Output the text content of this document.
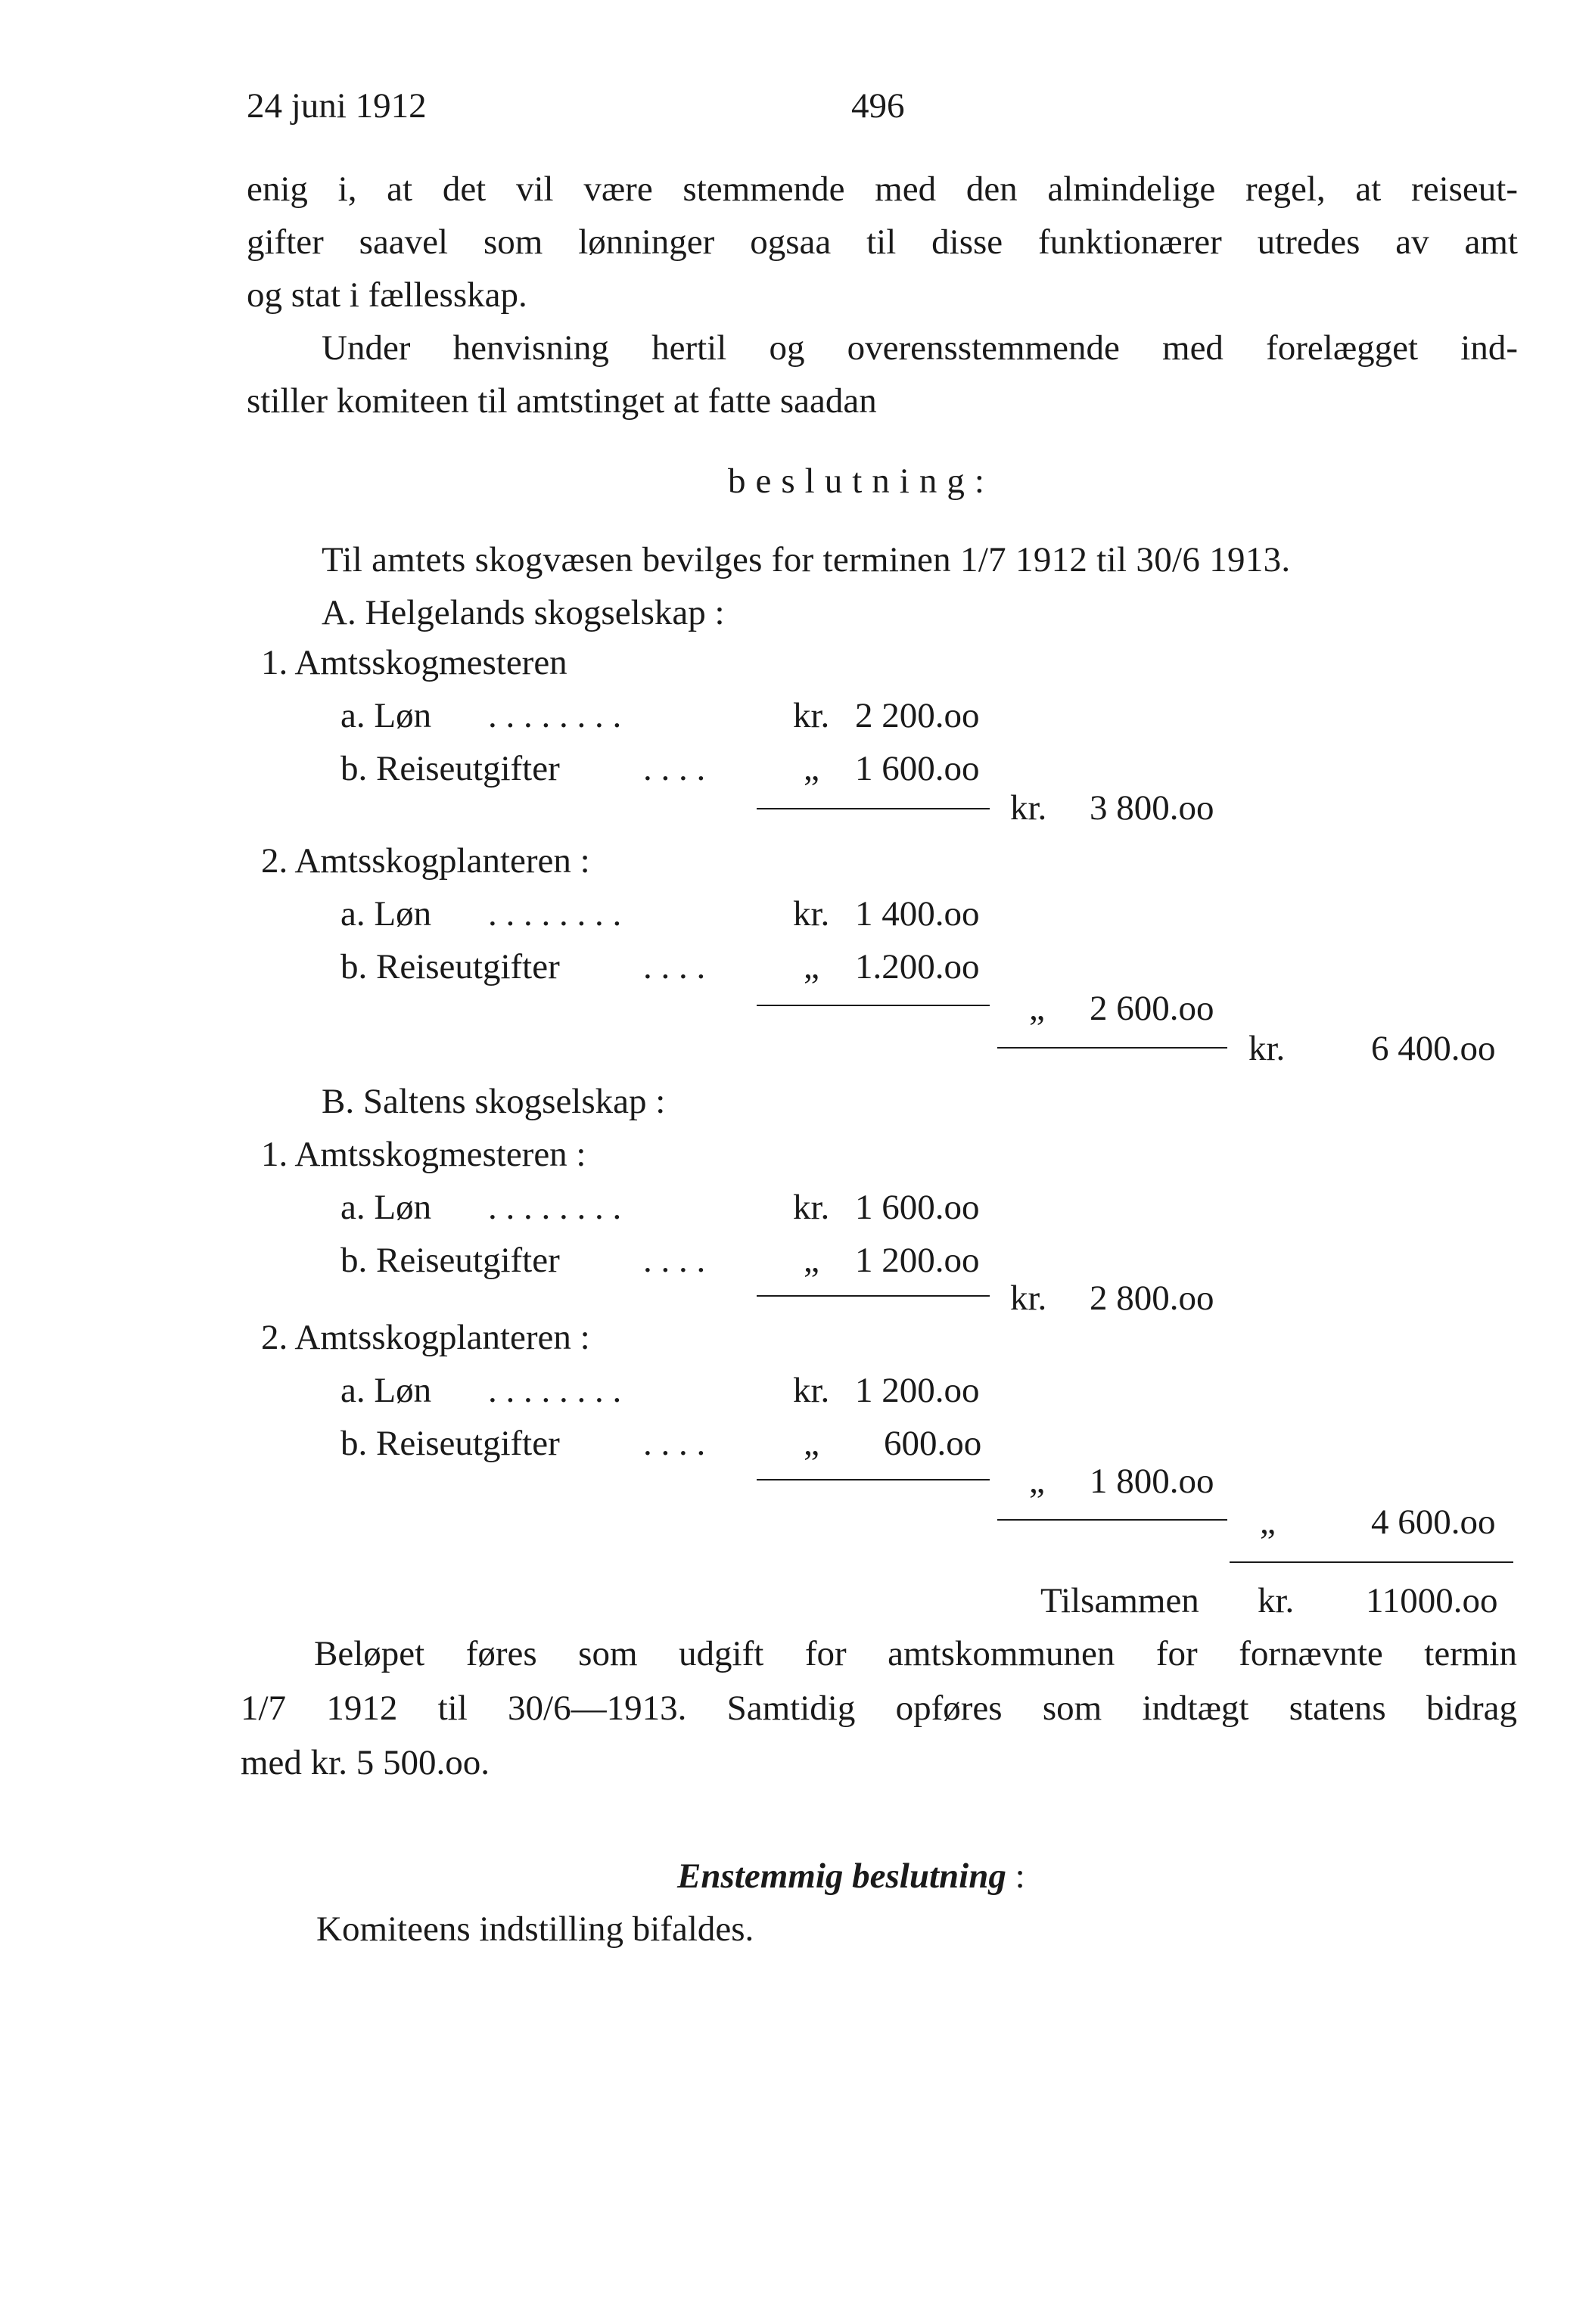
24 juni 1912	496
enig i, at det vil være stemmende med den almindelige regel, at reiseut-
gifter saavel som lønninger ogsaa til disse funktionærer utredes av amt
og stat i fællesskap.
Under henvisning hertil og overensstemmende med forelægget ind-
stiller komiteen til amtstinget at fatte saadan
beslutning:
Til amtets skogvæsen bevilges for terminen 1/7 1912 til 30/6 1913.
A. Helgelands skogselskap :
1. Amtsskogmesteren
a. Løn . . . . . . . .	kr. 2 200.oo
b. Reiseutgifter . . . .	„ 1 600.oo
kr. 3 800.oo
2. Amtsskogplanteren :
a. Løn . . . . . . . .	kr. 1 400.oo
b. Reiseutgifter . . . .	„ 1.200.oo
„ 2 600.oo
kr. 6 400.oo
B. Saltens skogselskap :
1. Amtsskogmesteren :
a. Løn . . . . . . . .	kr. 1 600.oo
b. Reiseutgifter . . . .	„ 1 200.oo
kr. 2 800.oo
2. Amtsskogplanteren :
a. Løn . . . . . . . .	kr. 1 200.oo
b. Reiseutgifter . . . .	„ 600.oo
„ 1 800.oo
„	4 600.oo
Tilsammen kr. 11000.oo
Beløpet føres som udgift for amtskommunen for fornævnte termin
1/7 1912 til 30/6—1913. Samtidig opføres som indtægt statens bidrag
med kr. 5 500.oo.
Enstemmig beslutning :
Komiteens indstilling bifaldes.
